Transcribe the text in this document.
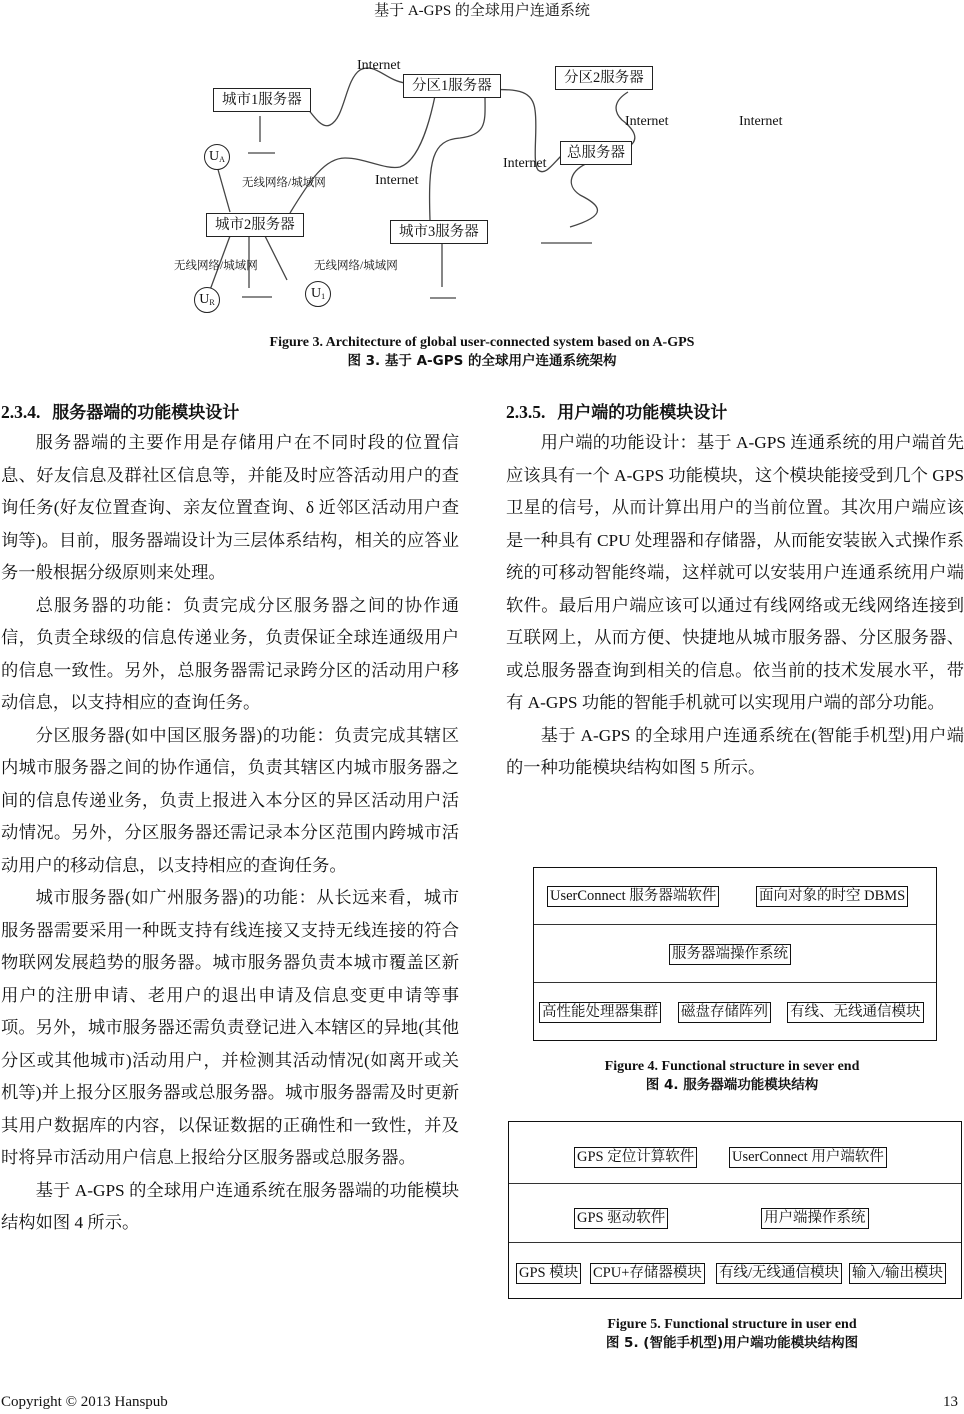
基于 A-GPS 的全球用户连通系统
城市1服务器
分区1服务器	分区2服务器
总服务器
城市2服务器	城市3服务器
Internet
Internet
Internet
Internet	Internet
无线网络/城域网
无线网络/城域网	无线网络/城域网
$U_A$
$U_R$
$U_1$
Figure 3. Architecture of global user-connected system based on A-GPS
图 3. 基于 A-GPS 的全球用户连通系统架构
2.3.4. 服务器端的功能模块设计

服务器端的主要作用是存储用户在不同时段的位置信息、好友信息及群社区信息等，并能及时应答活动用户的查询任务(好友位置查询、亲友位置查询、δ 近邻区活动用户查询等)。目前，服务器端设计为三层体系结构，相关的应答业务一般根据分级原则来处理。

总服务器的功能：负责完成分区服务器之间的协作通信，负责全球级的信息传递业务，负责保证全球连通级用户的信息一致性。另外，总服务器需记录跨分区的活动用户移动信息，以支持相应的查询任务。

分区服务器(如中国区服务器)的功能：负责完成其辖区内城市服务器之间的协作通信，负责其辖区内城市服务器之间的信息传递业务，负责上报进入本分区的异区活动用户活动情况。另外，分区服务器还需记录本分区范围内跨城市活动用户的移动信息，以支持相应的查询任务。

城市服务器(如广州服务器)的功能：从长远来看，城市服务器需要采用一种既支持有线连接又支持无线连接的符合物联网发展趋势的服务器。城市服务器负责本城市覆盖区新用户的注册申请、老用户的退出申请及信息变更申请等事项。另外，城市服务器还需负责登记进入本辖区的异地(其他分区或其他城市)活动用户，并检测其活动情况(如离开或关机等)并上报分区服务器或总服务器。城市服务器需及时更新其用户数据库的内容，以保证数据的正确性和一致性，并及时将异市活动用户信息上报给分区服务器或总服务器。

基于 A-GPS 的全球用户连通系统在服务器端的功能模块结构如图 4 所示。

2.3.5. 用户端的功能模块设计

用户端的功能设计：基于 A-GPS 连通系统的用户端首先应该具有一个 A-GPS 功能模块，这个模块能接受到几个 GPS 卫星的信号，从而计算出用户的当前位置。其次用户端应该是一种具有 CPU 处理器和存储器，从而能安装嵌入式操作系统的可移动智能终端，这样就可以安装用户连通系统用户端软件。最后用户端应该可以通过有线网络或无线网络连接到互联网上，从而方便、快捷地从城市服务器、分区服务器、或总服务器查询到相关的信息。依当前的技术发展水平，带有 A-GPS 功能的智能手机就可以实现用户端的部分功能。

基于 A-GPS 的全球用户连通系统在(智能手机型)用户端的一种功能模块结构如图 5 所示。

UserConnect 服务器端软件	面向对象的时空 DBMS
服务器端操作系统
高性能处理器集群 磁盘存储阵列 有线、无线通信模块
Figure 4. Functional structure in sever end
图 4. 服务器端功能模块结构
GPS 定位计算软件	UserConnect 用户端软件
GPS 驱动软件	用户端操作系统
GPS 模块 CPU+存储器模块 有线/无线通信模块 输入/输出模块
Figure 5. Functional structure in user end
图 5. (智能手机型)用户端功能模块结构图
Copyright © 2013 Hanspub	13
